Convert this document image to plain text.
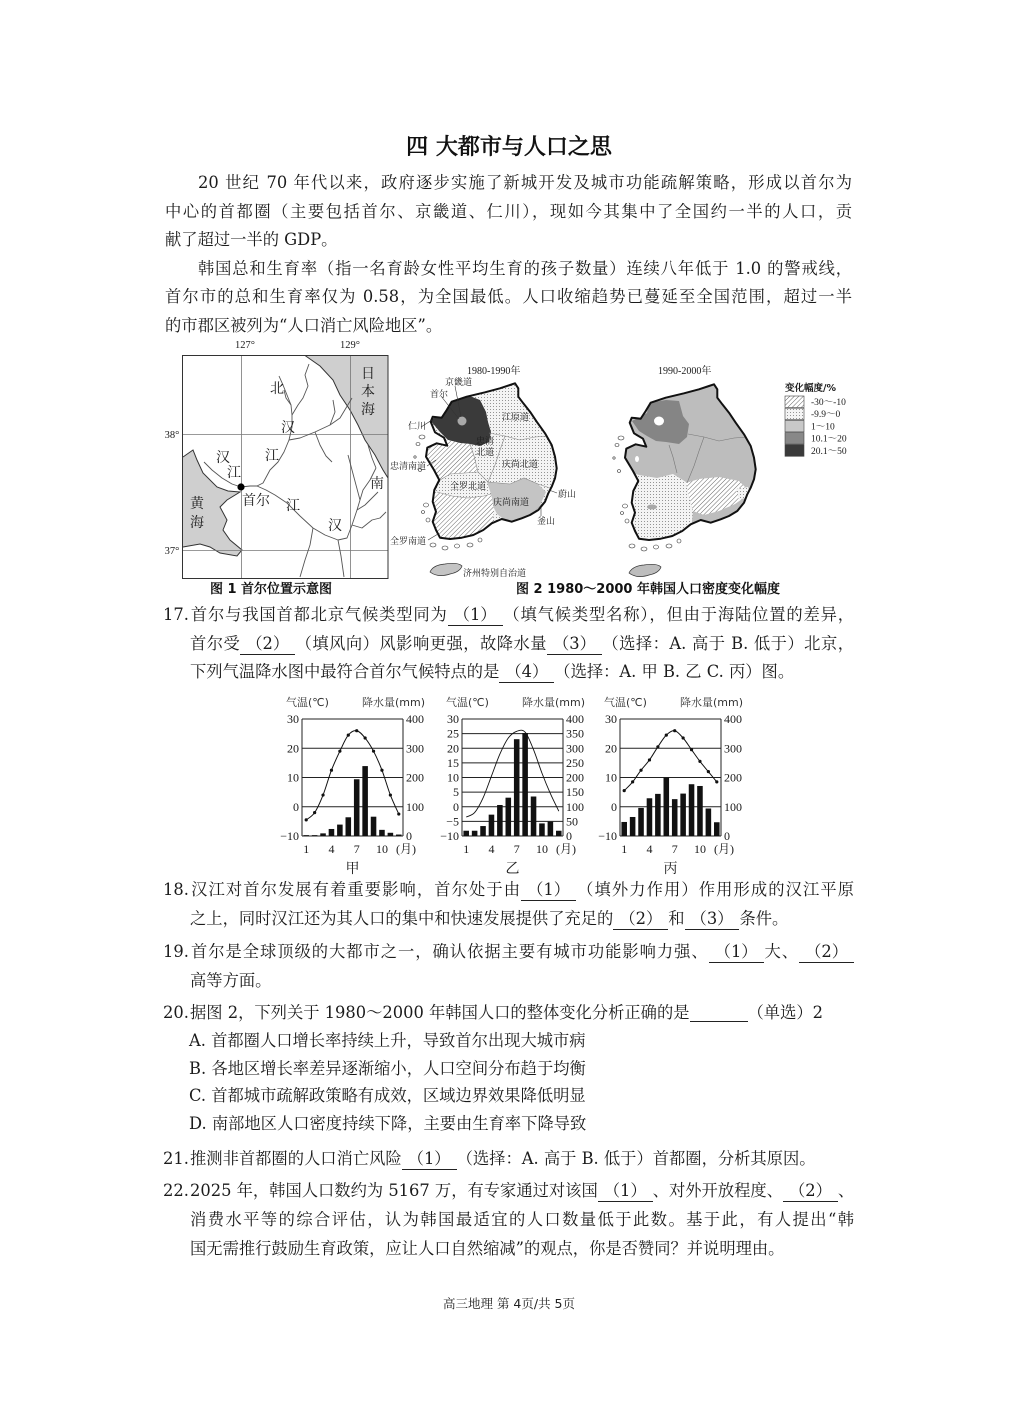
四 大都市与人口之思
20 世纪 70 年代以来，政府逐步实施了新城开发及城市功能疏解策略，形成以首尔为
中心的首都圈（主要包括首尔、京畿道、仁川），现如今其集中了全国约一半的人口，贡
献了超过一半的 GDP。
韩国总和生育率（指一名育龄女性平均生育的孩子数量）连续八年低于 1.0 的警戒线，
首尔市的总和生育率仅为 0.58，为全国最低。人口收缩趋势已蔓延至全国范围，超过一半
的市郡区被列为“人口消亡风险地区”。
127°	129°
38°
37°
北
汉
江
汉
江
首尔
南
汉
江
黄
海
日
本
海
图 1 首尔位置示意图
1980-1990年
京畿道
首尔
仁川
江原道
忠清
北道
庆尚北道
忠清南道
全罗北道
庆尚南道
蔚山
釜山
全罗南道
济州特别自治道
1990-2000年
变化幅度/%
-30～-10
-9.9～0
1～10
10.1～20
20.1～50
图 2 1980～2000 年韩国人口密度变化幅度
17.首尔与我国首都北京气候类型同为 （1） （填气候类型名称），但由于海陆位置的差异，
首尔受 （2） （填风向）风影响更强，故降水量 （3） （选择：A. 高于 B. 低于）北京，
下列气温降水图中最符合首尔气候特点的是 （4） （选择：A. 甲 B. 乙 C. 丙）图。
气温(℃)	降水量(mm)
30
20
10
0
−10
400
300
200
100
0
1 4 7 10 (月)
甲
气温(℃)	降水量(mm)
30
25
20
15
10
5
0
−5
−10
400
350
300
250
200
150
100
50
0
1 4 7 10 (月)
乙
气温(℃)	降水量(mm)
30
20
10
0
−10
400
300
200
100
0
1 4 7 10 (月)
丙
18.汉江对首尔发展有着重要影响，首尔处于由 （1） （填外力作用）作用形成的汉江平原
之上，同时汉江还为其人口的集中和快速发展提供了充足的 （2） 和 （3） 条件。
19.首尔是全球顶级的大都市之一，确认依据主要有城市功能影响力强、 （1） 大、 （2）
高等方面。
20.据图 2，下列关于 1980～2000 年韩国人口的整体变化分析正确的是	（单选）2
A. 首都圈人口增长率持续上升，导致首尔出现大城市病
B. 各地区增长率差异逐渐缩小，人口空间分布趋于均衡
C. 首都城市疏解政策略有成效，区域边界效果降低明显
D. 南部地区人口密度持续下降，主要由生育率下降导致
21.推测非首都圈的人口消亡风险 （1） （选择：A. 高于 B. 低于）首都圈，分析其原因。
22.2025 年，韩国人口数约为 5167 万，有专家通过对该国 （1） 、对外开放程度、 （2） 、
消费水平等的综合评估，认为韩国最适宜的人口数量低于此数。基于此，有人提出“韩
国无需推行鼓励生育政策，应让人口自然缩减”的观点，你是否赞同？并说明理由。
高三地理 第 4页/共 5页
